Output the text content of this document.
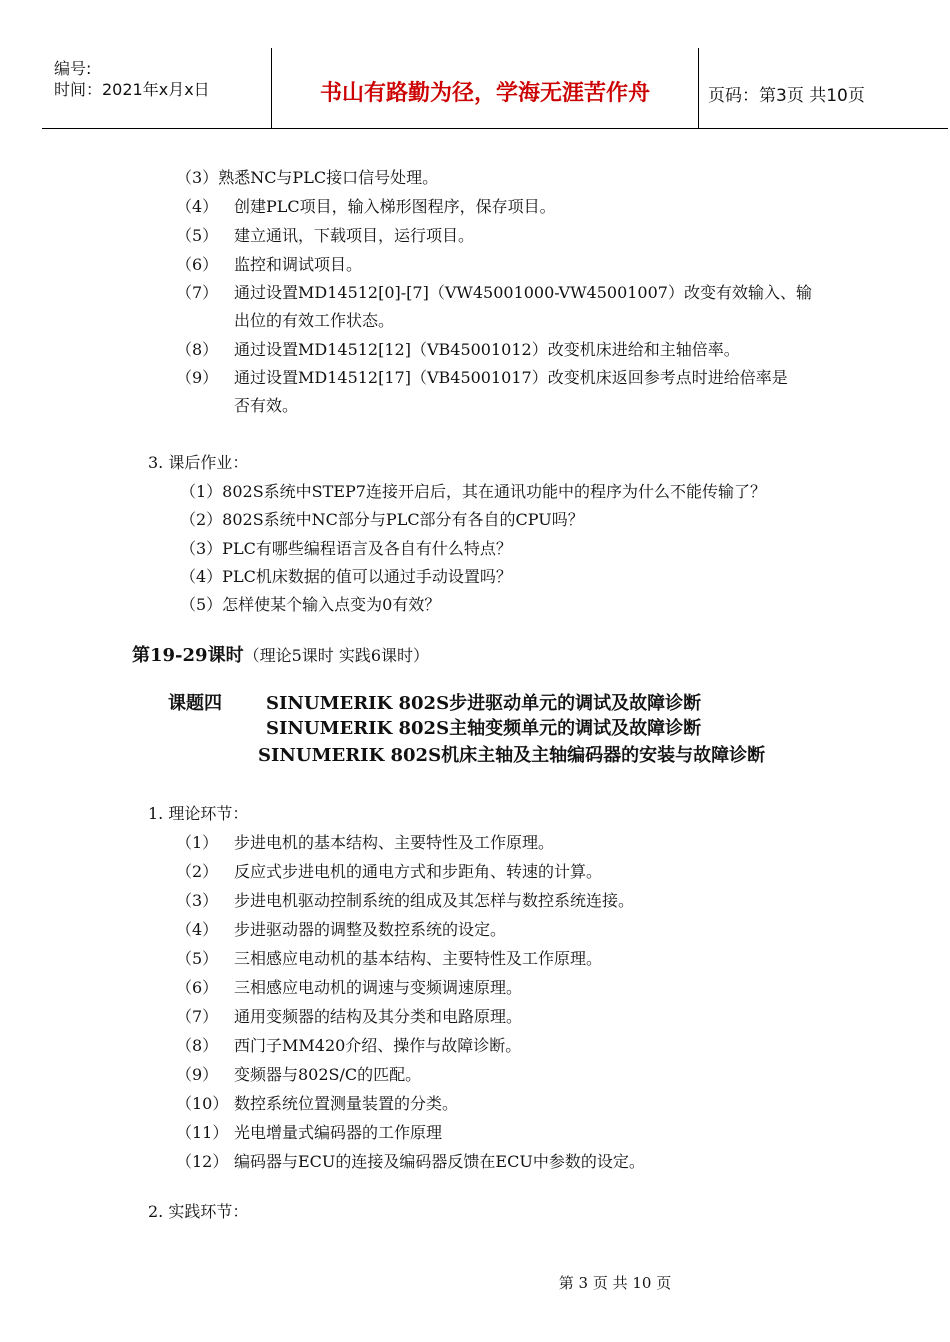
编号:
时间：2021年x月x日	书山有路勤为径，学海无涯苦作舟	页码：第3页 共10页
（3）熟悉NC与PLC接口信号处理。
（4） 创建PLC项目，输入梯形图程序，保存项目。
（5） 建立通讯，下载项目，运行项目。
（6） 监控和调试项目。
（7） 通过设置MD14512[0]-[7]（VW45001000-VW45001007）改变有效输入、输
出位的有效工作状态。
（8） 通过设置MD14512[12]（VB45001012）改变机床进给和主轴倍率。
（9） 通过设置MD14512[17]（VB45001017）改变机床返回参考点时进给倍率是
否有效。
3. 课后作业：
（1）802S系统中STEP7连接开启后，其在通讯功能中的程序为什么不能传输了？
（2）802S系统中NC部分与PLC部分有各自的CPU吗？
（3）PLC有哪些编程语言及各自有什么特点？
（4）PLC机床数据的值可以通过手动设置吗？
（5）怎样使某个输入点变为0有效？
第19-29课时（理论5课时 实践6课时）
课题四 SINUMERIK 802S步进驱动单元的调试及故障诊断
SINUMERIK 802S主轴变频单元的调试及故障诊断
SINUMERIK 802S机床主轴及主轴编码器的安装与故障诊断
1. 理论环节：
（1） 步进电机的基本结构、主要特性及工作原理。
（2） 反应式步进电机的通电方式和步距角、转速的计算。
（3） 步进电机驱动控制系统的组成及其怎样与数控系统连接。
（4） 步进驱动器的调整及数控系统的设定。
（5） 三相感应电动机的基本结构、主要特性及工作原理。
（6） 三相感应电动机的调速与变频调速原理。
（7） 通用变频器的结构及其分类和电路原理。
（8） 西门子MM420介绍、操作与故障诊断。
（9） 变频器与802S/C的匹配。
（10） 数控系统位置测量装置的分类。
（11） 光电增量式编码器的工作原理
（12） 编码器与ECU的连接及编码器反馈在ECU中参数的设定。
2. 实践环节：
第 3 页 共 10 页
